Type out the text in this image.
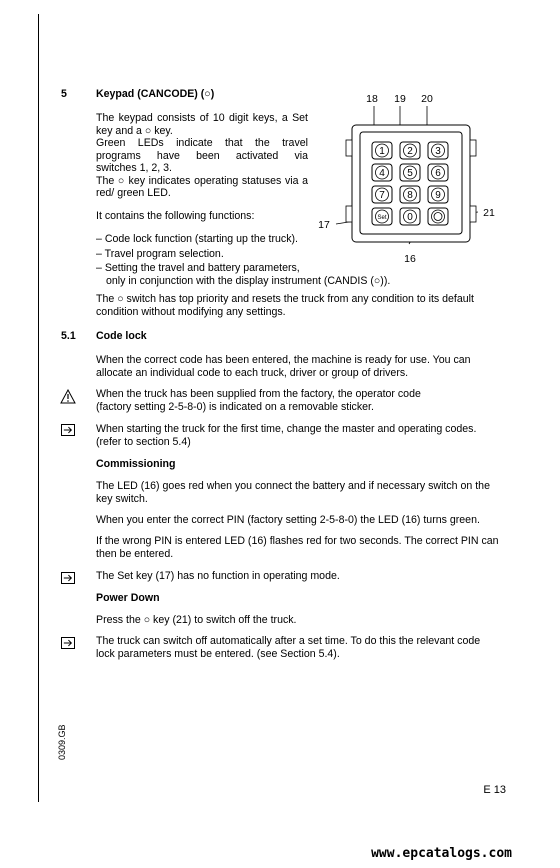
5	Keypad (CANCODE) (○)
The keypad consists of 10 digit keys, a Set
key and a ○ key.
Green LEDs indicate that the travel
programs have been activated via
switches 1, 2, 3.
The ○ key indicates operating statuses via a
red/ green LED.
It contains the following functions:
– Code lock function (starting up the truck).
– Travel program selection.
– Setting the travel and battery parameters,
only in conjunction with the display instrument (CANDIS (○)).
The ○ switch has top priority and resets the truck from any condition to its default
condition without modifying any settings.
1 2 3
4 5 6
7 8 9
Set 0
18 19 20
17
21
16
5.1 Code lock
When the correct code has been entered, the machine is ready for use. You can
allocate an individual code to each truck, driver or group of drivers.
When the truck has been supplied from the factory, the operator code
(factory setting 2-5-8-0) is indicated on a removable sticker.
When starting the truck for the first time, change the master and operating codes.
(refer to section 5.4)
Commissioning
The LED (16) goes red when you connect the battery and if necessary switch on the
key switch.
When you enter the correct PIN (factory setting 2-5-8-0) the LED (16) turns green.
If the wrong PIN is entered LED (16) flashes red for two seconds. The correct PIN can
then be entered.
The Set key (17) has no function in operating mode.
Power Down
Press the ○ key (21) to switch off the truck.
The truck can switch off automatically after a set time. To do this the relevant code
lock parameters must be entered. (see Section 5.4).
0309.GB
E 13
www.epcatalogs.com
